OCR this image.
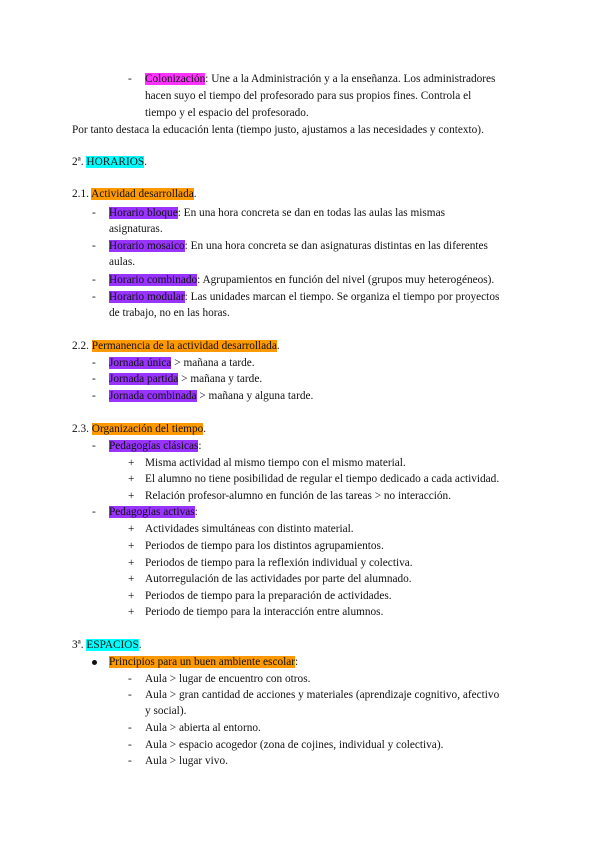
- Colonización: Une a la Administración y a la enseñanza. Los administradores
hacen suyo el tiempo del profesorado para sus propios fines. Controla el
tiempo y el espacio del profesorado.
Por tanto destaca la educación lenta (tiempo justo, ajustamos a las necesidades y contexto).
2ª. HORARIOS.
2.1. Actividad desarrollada.
- Horario bloque: En una hora concreta se dan en todas las aulas las mismas
asignaturas.
- Horario mosaico: En una hora concreta se dan asignaturas distintas en las diferentes
aulas.
- Horario combinado: Agrupamientos en función del nivel (grupos muy heterogéneos).
- Horario modular: Las unidades marcan el tiempo. Se organiza el tiempo por proyectos
de trabajo, no en las horas.
2.2. Permanencia de la actividad desarrollada.
- Jornada única > mañana a tarde.
- Jornada partida > mañana y tarde.
- Jornada combinada > mañana y alguna tarde.
2.3. Organización del tiempo.
- Pedagogías clásicas:
+ Misma actividad al mismo tiempo con el mismo material.
+ El alumno no tiene posibilidad de regular el tiempo dedicado a cada actividad.
+ Relación profesor-alumno en función de las tareas > no interacción.
- Pedagogías activas:
+ Actividades simultáneas con distinto material.
+ Periodos de tiempo para los distintos agrupamientos.
+ Periodos de tiempo para la reflexión individual y colectiva.
+ Autorregulación de las actividades por parte del alumnado.
+ Periodos de tiempo para la preparación de actividades.
+ Periodo de tiempo para la interacción entre alumnos.
3ª. ESPACIOS.
Principios para un buen ambiente escolar:
- Aula > lugar de encuentro con otros.
- Aula > gran cantidad de acciones y materiales (aprendizaje cognitivo, afectivo
y social).
- Aula > abierta al entorno.
- Aula > espacio acogedor (zona de cojines, individual y colectiva).
- Aula > lugar vivo.
